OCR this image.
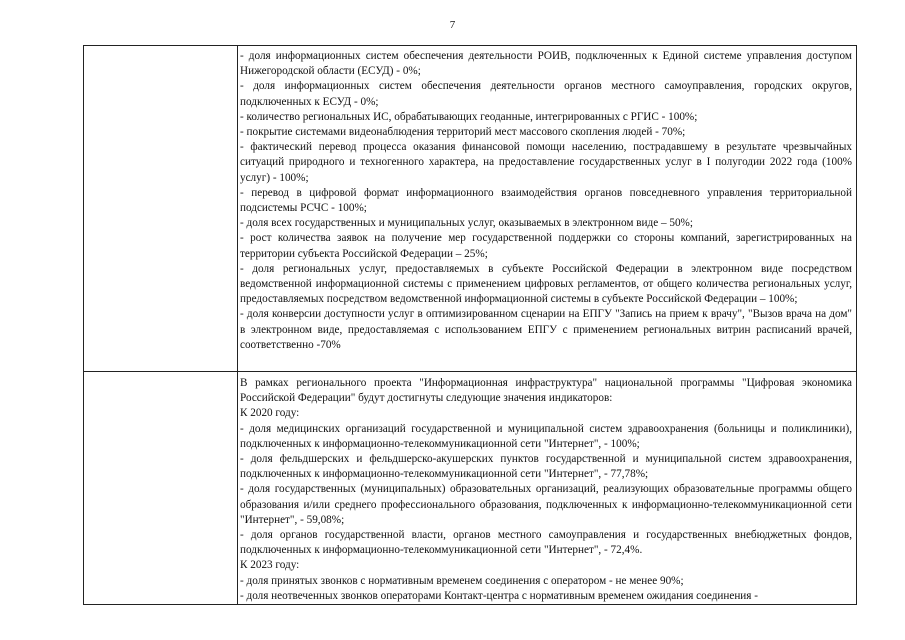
7
- доля информационных систем обеспечения деятельности РОИВ, подключенных к Единой системе управления доступом Нижегородской области (ЕСУД) - 0%;
- доля информационных систем обеспечения деятельности органов местного самоуправления, городских округов, подключенных к ЕСУД - 0%;
- количество региональных ИС, обрабатывающих геоданные, интегрированных с РГИС - 100%;
- покрытие системами видеонаблюдения территорий мест массового скопления людей - 70%;
- фактический перевод процесса оказания финансовой помощи населению, пострадавшему в результате чрезвычайных ситуаций природного и техногенного характера, на предоставление государственных услуг в I полугодии 2022 года (100% услуг) - 100%;
- перевод в цифровой формат информационного взаимодействия органов повседневного управления территориальной подсистемы РСЧС - 100%;
- доля всех государственных и муниципальных услуг, оказываемых в электронном виде – 50%;
- рост количества заявок на получение мер государственной поддержки со стороны компаний, зарегистрированных на территории субъекта Российской Федерации – 25%;
- доля региональных услуг, предоставляемых в субъекте Российской Федерации в электронном виде посредством ведомственной информационной системы с применением цифровых регламентов, от общего количества региональных услуг, предоставляемых посредством ведомственной информационной системы в субъекте Российской Федерации – 100%;
- доля конверсии доступности услуг в оптимизированном сценарии на ЕПГУ "Запись на прием к врачу", "Вызов врача на дом" в электронном виде, предоставляемая с использованием ЕПГУ с применением региональных витрин расписаний врачей, соответственно -70%
В рамках регионального проекта "Информационная инфраструктура" национальной программы "Цифровая экономика Российской Федерации" будут достигнуты следующие значения индикаторов:
К 2020 году:
- доля медицинских организаций государственной и муниципальной систем здравоохранения (больницы и поликлиники), подключенных к информационно-телекоммуникационной сети "Интернет", - 100%;
- доля фельдшерских и фельдшерско-акушерских пунктов государственной и муниципальной систем здравоохранения, подключенных к информационно-телекоммуникационной сети "Интернет", - 77,78%;
- доля государственных (муниципальных) образовательных организаций, реализующих образовательные программы общего образования и/или среднего профессионального образования, подключенных к информационно-телекоммуникационной сети "Интернет", - 59,08%;
- доля органов государственной власти, органов местного самоуправления и государственных внебюджетных фондов, подключенных к информационно-телекоммуникационной сети "Интернет", - 72,4%.
К 2023 году:
- доля принятых звонков с нормативным временем соединения с оператором - не менее 90%;
- доля неотвеченных звонков операторами Контакт-центра с нормативным временем ожидания соединения -
